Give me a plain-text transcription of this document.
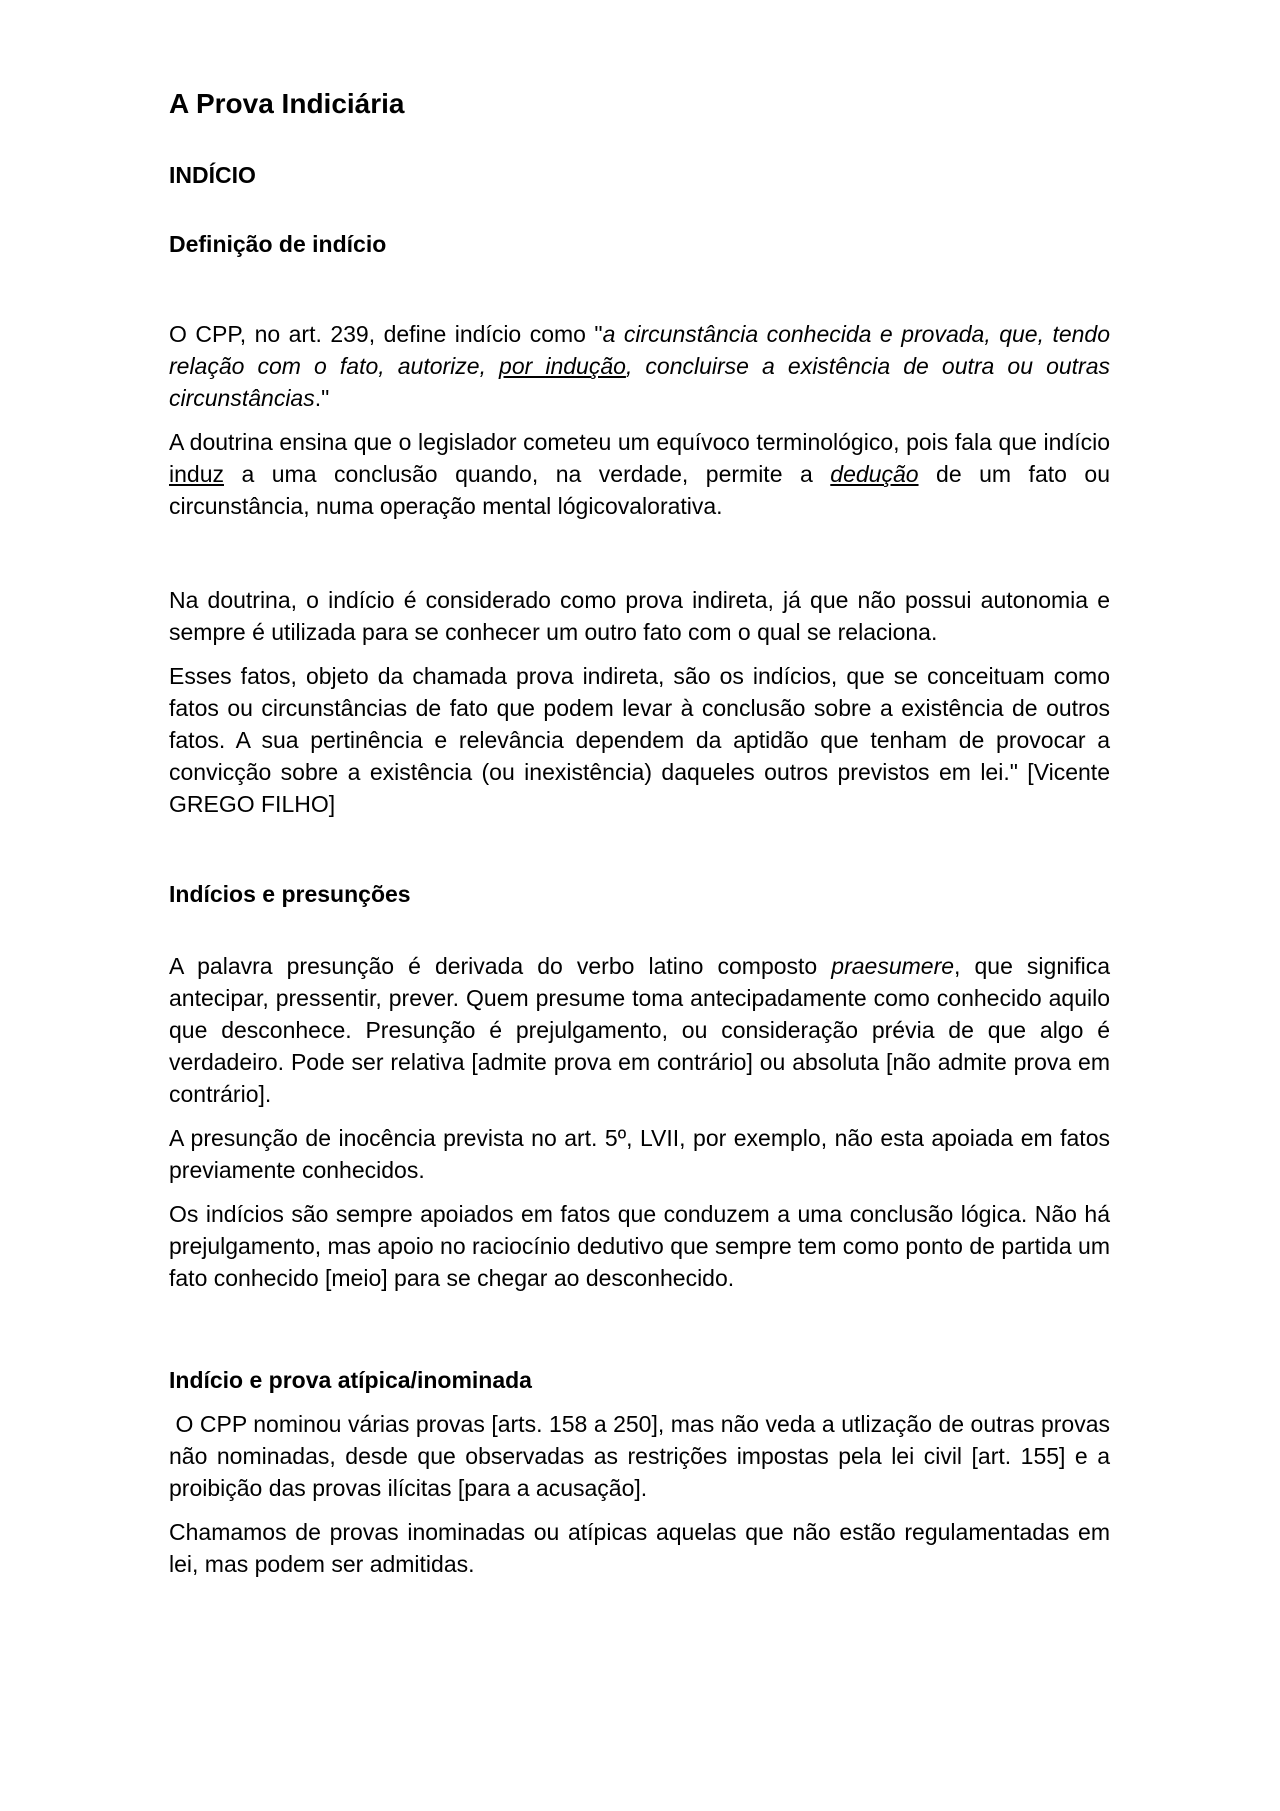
A Prova Indiciária
INDÍCIO
Definição de indício

O CPP, no art. 239, define indício como "a circunstância conhecida e provada, que, tendo relação com o fato, autorize, por indução, concluirse a existência de outra ou outras circunstâncias."

A doutrina ensina que o legislador cometeu um equívoco terminológico, pois fala que indício induz a uma conclusão quando, na verdade, permite a dedução de um fato ou circunstância, numa operação mental lógicovalorativa.

Na doutrina, o indício é considerado como prova indireta, já que não possui autonomia e sempre é utilizada para se conhecer um outro fato com o qual se relaciona.

Esses fatos, objeto da chamada prova indireta, são os indícios, que se conceituam como fatos ou circunstâncias de fato que podem levar à conclusão sobre a existência de outros fatos. A sua pertinência e relevância dependem da aptidão que tenham de provocar a convicção sobre a existência (ou inexistência) daqueles outros previstos em lei." [Vicente GREGO FILHO]

Indícios e presunções

A palavra presunção é derivada do verbo latino composto praesumere, que significa antecipar, pressentir, prever. Quem presume toma antecipadamente como conhecido aquilo que desconhece. Presunção é prejulgamento, ou consideração prévia de que algo é verdadeiro. Pode ser relativa [admite prova em contrário] ou absoluta [não admite prova em contrário].

A presunção de inocência prevista no art. 5º, LVII, por exemplo, não esta apoiada em fatos previamente conhecidos.

Os indícios são sempre apoiados em fatos que conduzem a uma conclusão lógica. Não há prejulgamento, mas apoio no raciocínio dedutivo que sempre tem como ponto de partida um fato conhecido [meio] para se chegar ao desconhecido.

Indício e prova atípica/inominada

O CPP nominou várias provas [arts. 158 a 250], mas não veda a utlização de outras provas não nominadas, desde que observadas as restrições impostas pela lei civil [art. 155] e a proibição das provas ilícitas [para a acusação].

Chamamos de provas inominadas ou atípicas aquelas que não estão regulamentadas em lei, mas podem ser admitidas.
